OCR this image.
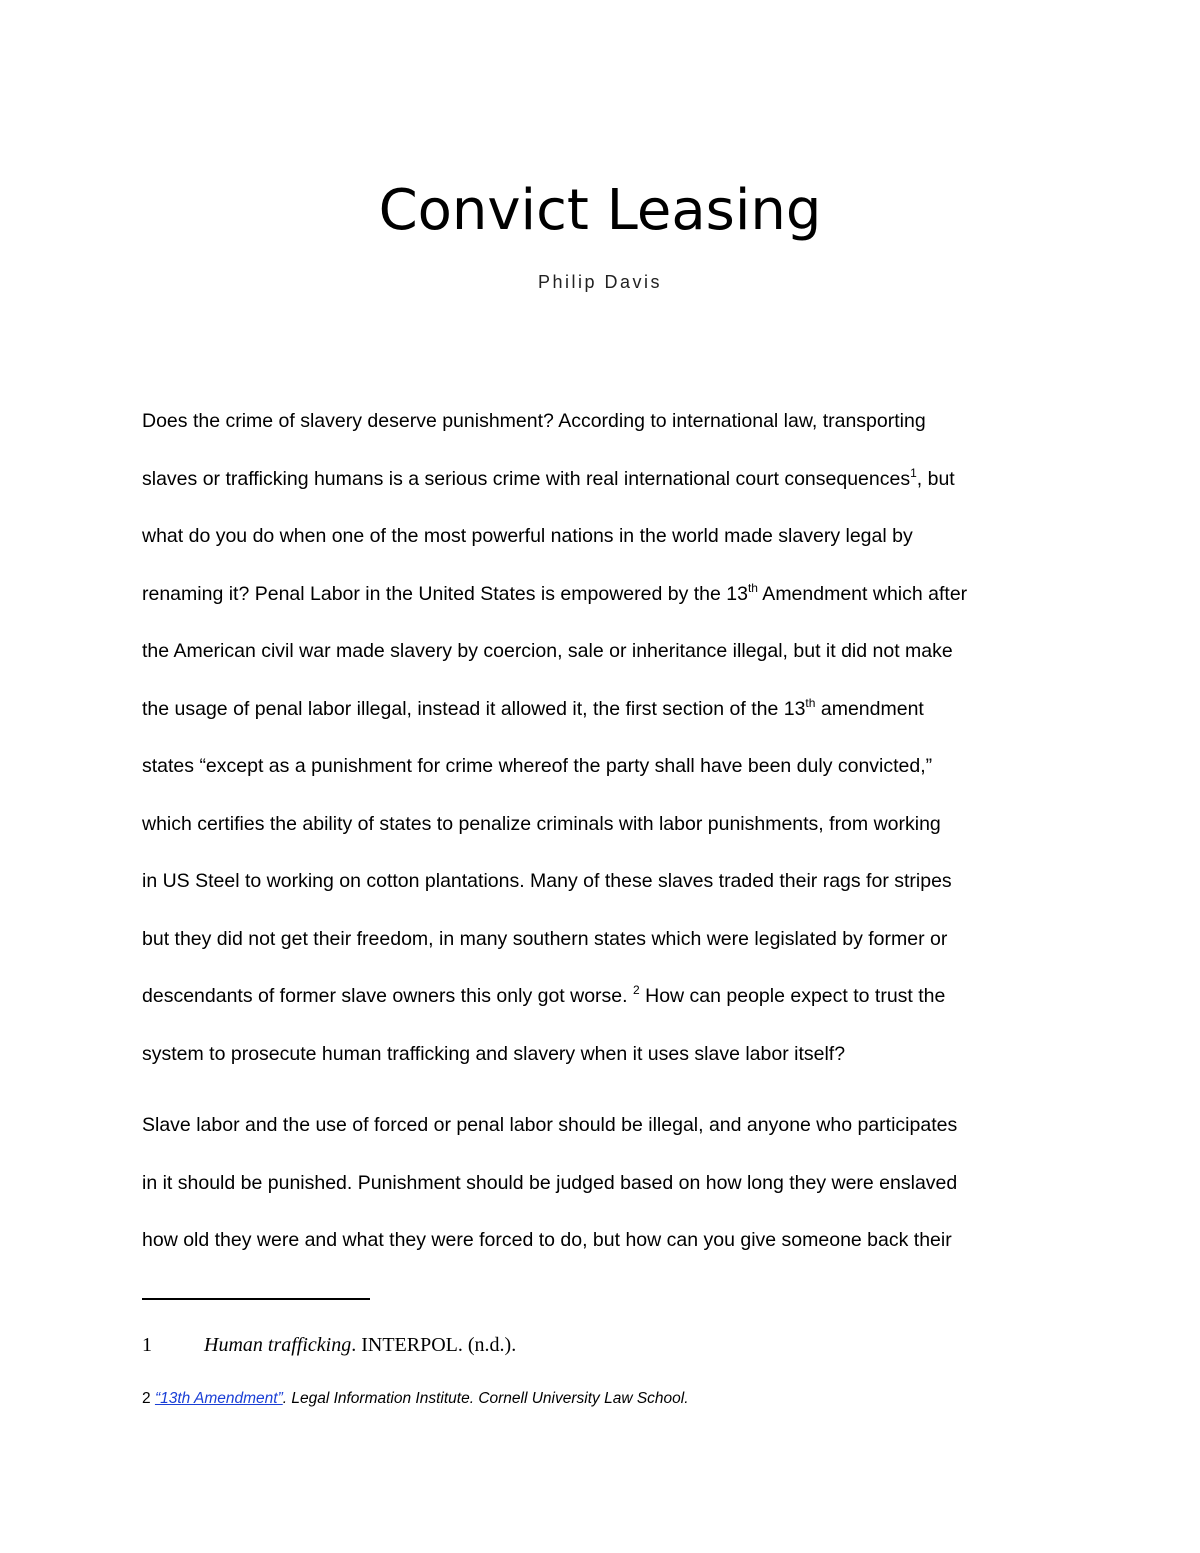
Convict Leasing
Philip Davis
Does the crime of slavery deserve punishment? According to international law, transporting
slaves or trafficking humans is a serious crime with real international court consequences$^1$, but
what do you do when one of the most powerful nations in the world made slavery legal by
renaming it? Penal Labor in the United States is empowered by the 13th Amendment which after
the American civil war made slavery by coercion, sale or inheritance illegal, but it did not make
the usage of penal labor illegal, instead it allowed it, the first section of the 13th amendment
states “except as a punishment for crime whereof the party shall have been duly convicted,”
which certifies the ability of states to penalize criminals with labor punishments, from working
in US Steel to working on cotton plantations. Many of these slaves traded their rags for stripes
but they did not get their freedom, in many southern states which were legislated by former or
descendants of former slave owners this only got worse. $^2$ How can people expect to trust the
system to prosecute human trafficking and slavery when it uses slave labor itself?
Slave labor and the use of forced or penal labor should be illegal, and anyone who participates
in it should be punished. Punishment should be judged based on how long they were enslaved
how old they were and what they were forced to do, but how can you give someone back their
1	Human trafficking. INTERPOL. (n.d.).
2 “13th Amendment”. Legal Information Institute. Cornell University Law School.
